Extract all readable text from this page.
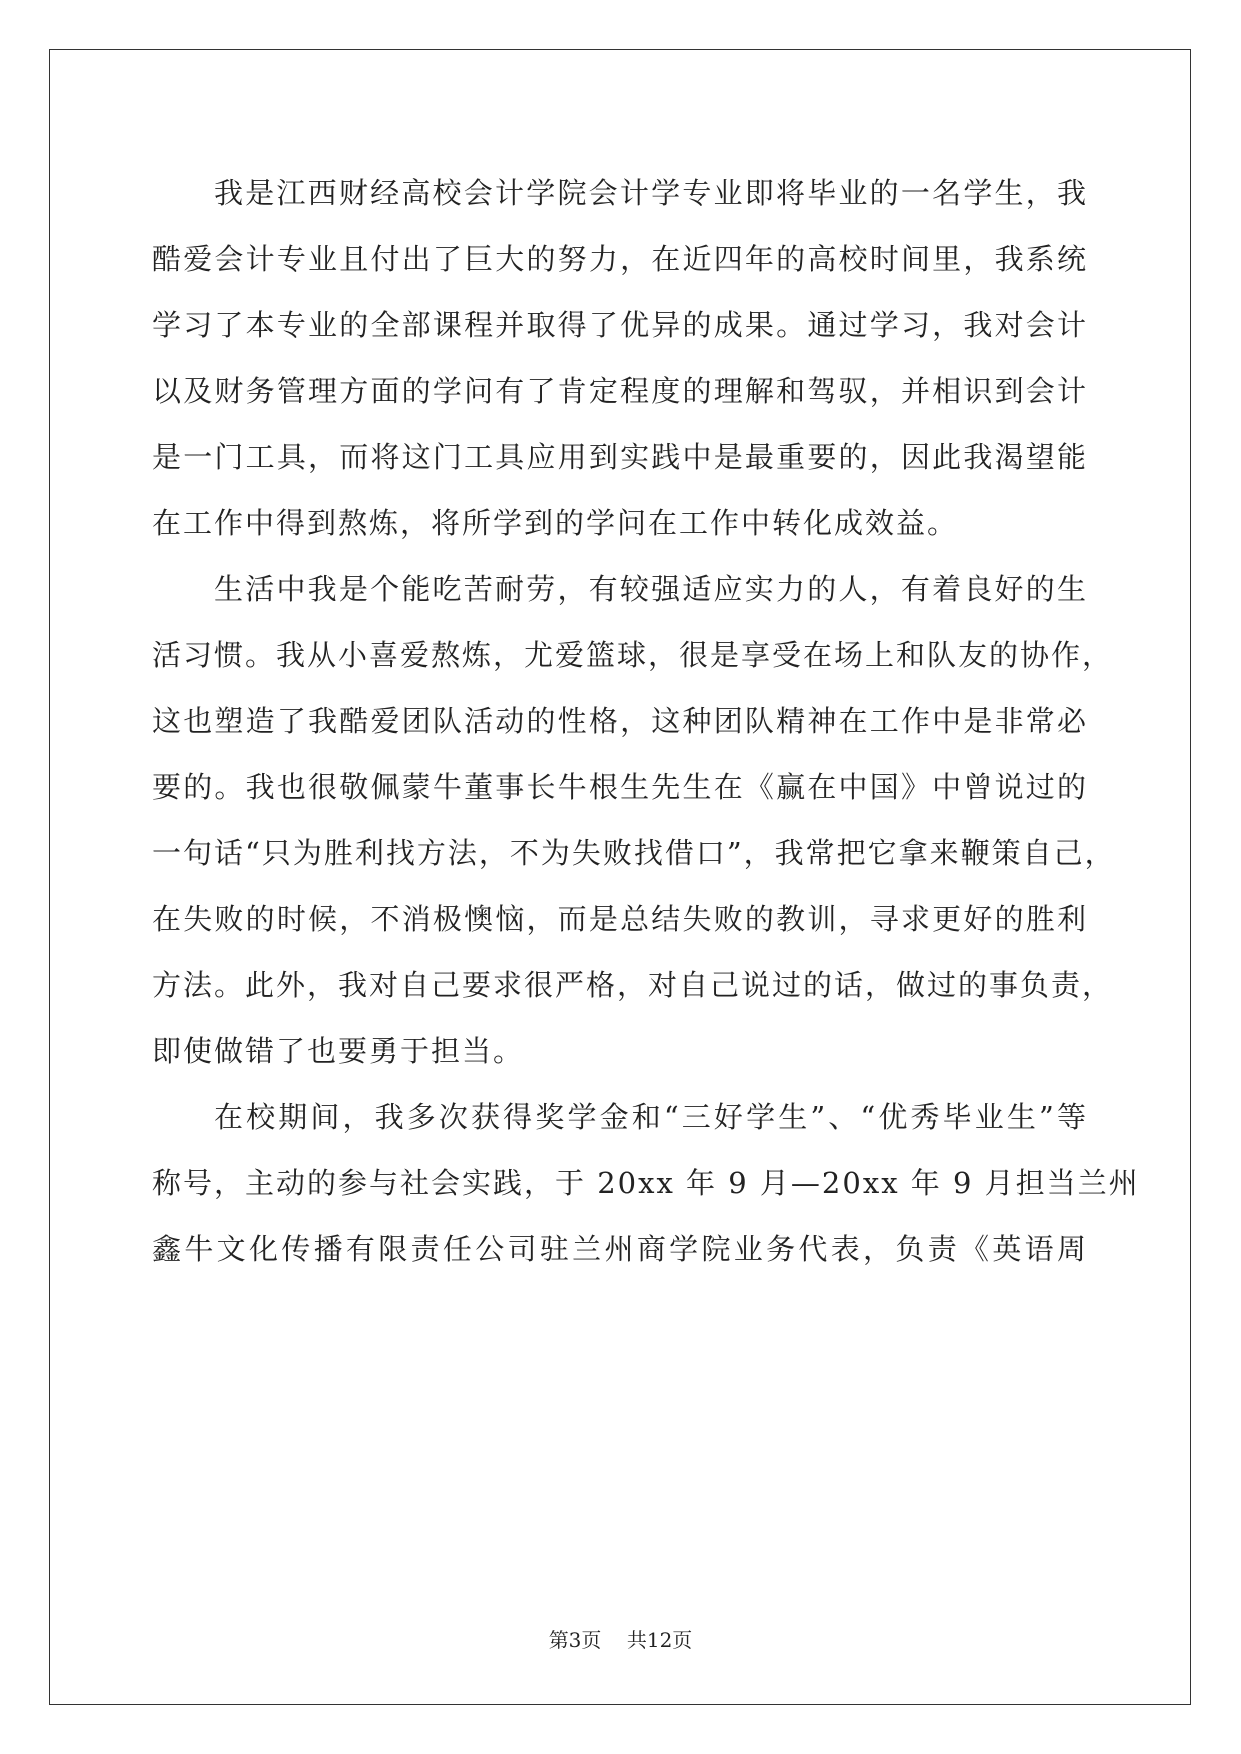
我是江西财经高校会计学院会计学专业即将毕业的一名学生，我
酷爱会计专业且付出了巨大的努力，在近四年的高校时间里，我系统
学习了本专业的全部课程并取得了优异的成果。通过学习，我对会计
以及财务管理方面的学问有了肯定程度的理解和驾驭，并相识到会计
是一门工具，而将这门工具应用到实践中是最重要的，因此我渴望能
在工作中得到熬炼，将所学到的学问在工作中转化成效益。

生活中我是个能吃苦耐劳，有较强适应实力的人，有着良好的生
活习惯。我从小喜爱熬炼，尤爱篮球，很是享受在场上和队友的协作，
这也塑造了我酷爱团队活动的性格，这种团队精神在工作中是非常必
要的。我也很敬佩蒙牛董事长牛根生先生在《赢在中国》中曾说过的
一句话“只为胜利找方法，不为失败找借口”，我常把它拿来鞭策自己，
在失败的时候，不消极懊恼，而是总结失败的教训，寻求更好的胜利
方法。此外，我对自己要求很严格，对自己说过的话，做过的事负责，
即使做错了也要勇于担当。

在校期间，我多次获得奖学金和“三好学生”、“优秀毕业生”等
称号，主动的参与社会实践，于 20xx 年 9 月—20xx 年 9 月担当兰州
鑫牛文化传播有限责任公司驻兰州商学院业务代表，负责《英语周

第3页 共12页
